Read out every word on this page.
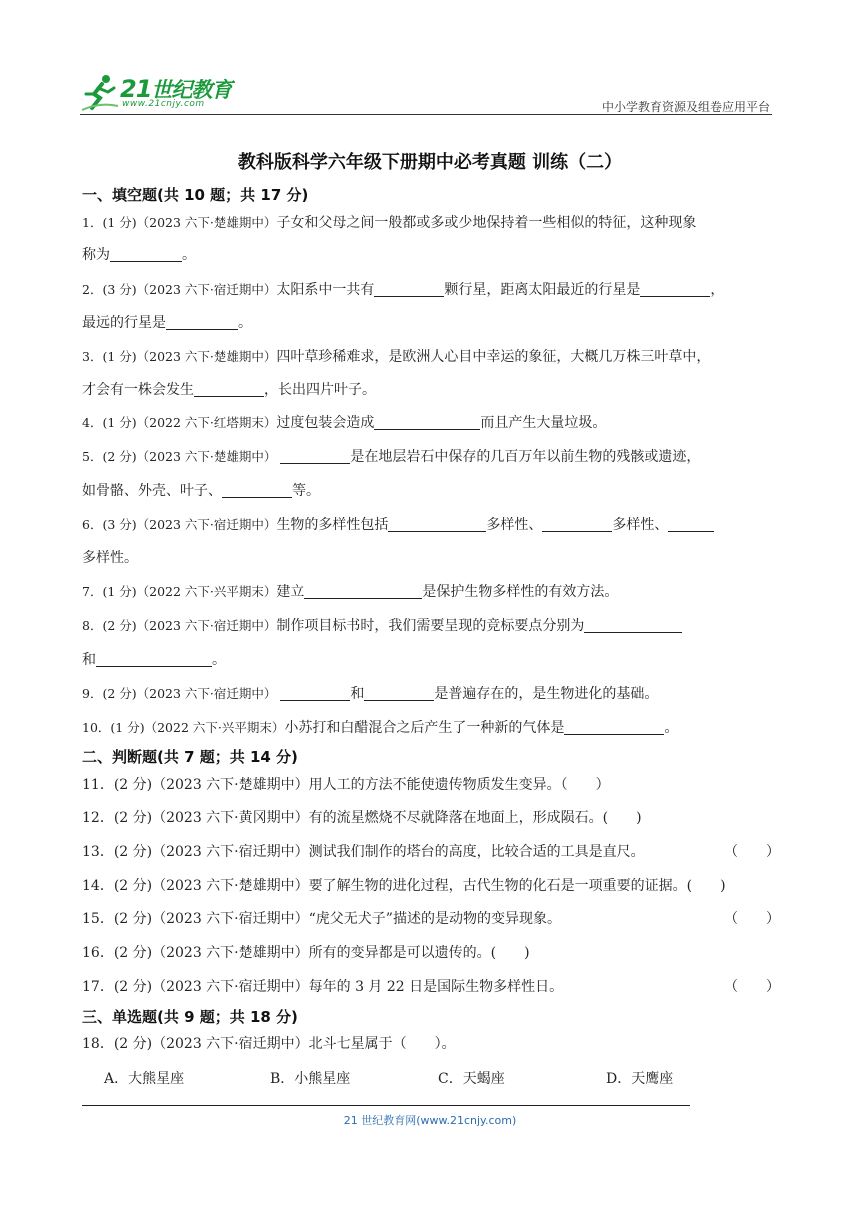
21世纪教育
www.21cnjy.com	中小学教育资源及组卷应用平台
教科版科学六年级下册期中必考真题 训练（二）
一、填空题(共 10 题；共 17 分)
1．(1 分)（2023 六下·楚雄期中）子女和父母之间一般都或多或少地保持着一些相似的特征，这种现象
称为	。
2．(3 分)（2023 六下·宿迁期中）太阳系中一共有	颗行星，距离太阳最近的行星是	，
最远的行星是	。
3．(1 分)（2023 六下·楚雄期中）四叶草珍稀难求，是欧洲人心目中幸运的象征，大概几万株三叶草中，
才会有一株会发生	，长出四片叶子。
4．(1 分)（2022 六下·红塔期末）过度包装会造成	而且产生大量垃圾。
5．(2 分)（2023 六下·楚雄期中）	是在地层岩石中保存的几百万年以前生物的残骸或遗迹，
如骨骼、外壳、叶子、	等。
6．(3 分)（2023 六下·宿迁期中）生物的多样性包括	多样性、	多样性、
多样性。
7．(1 分)（2022 六下·兴平期末）建立	是保护生物多样性的有效方法。
8．(2 分)（2023 六下·宿迁期中）制作项目标书时，我们需要呈现的竞标要点分别为
和	。
9．(2 分)（2023 六下·宿迁期中）	和	是普遍存在的，是生物进化的基础。
10．(1 分)（2022 六下·兴平期末）小苏打和白醋混合之后产生了一种新的气体是	。
二、判断题(共 7 题；共 14 分)
11．(2 分)（2023 六下·楚雄期中）用人工的方法不能使遗传物质发生变异。（　　）
12．(2 分)（2023 六下·黄冈期中）有的流星燃烧不尽就降落在地面上，形成陨石。(　　)
13．(2 分)（2023 六下·宿迁期中）测试我们制作的塔台的高度，比较合适的工具是直尺。	（　　）
14．(2 分)（2023 六下·楚雄期中）要了解生物的进化过程，古代生物的化石是一项重要的证据。(　　)
15．(2 分)（2023 六下·宿迁期中）“虎父无犬子”描述的是动物的变异现象。	（　　）
16．(2 分)（2023 六下·楚雄期中）所有的变异都是可以遗传的。(　　)
17．(2 分)（2023 六下·宿迁期中）每年的 3 月 22 日是国际生物多样性日。	（　　）
三、单选题(共 9 题；共 18 分)
18．(2 分)（2023 六下·宿迁期中）北斗七星属于（　　）。
A．大熊星座	B．小熊星座	C．天蝎座	D．天鹰座
21 世纪教育网(www.21cnjy.com)
